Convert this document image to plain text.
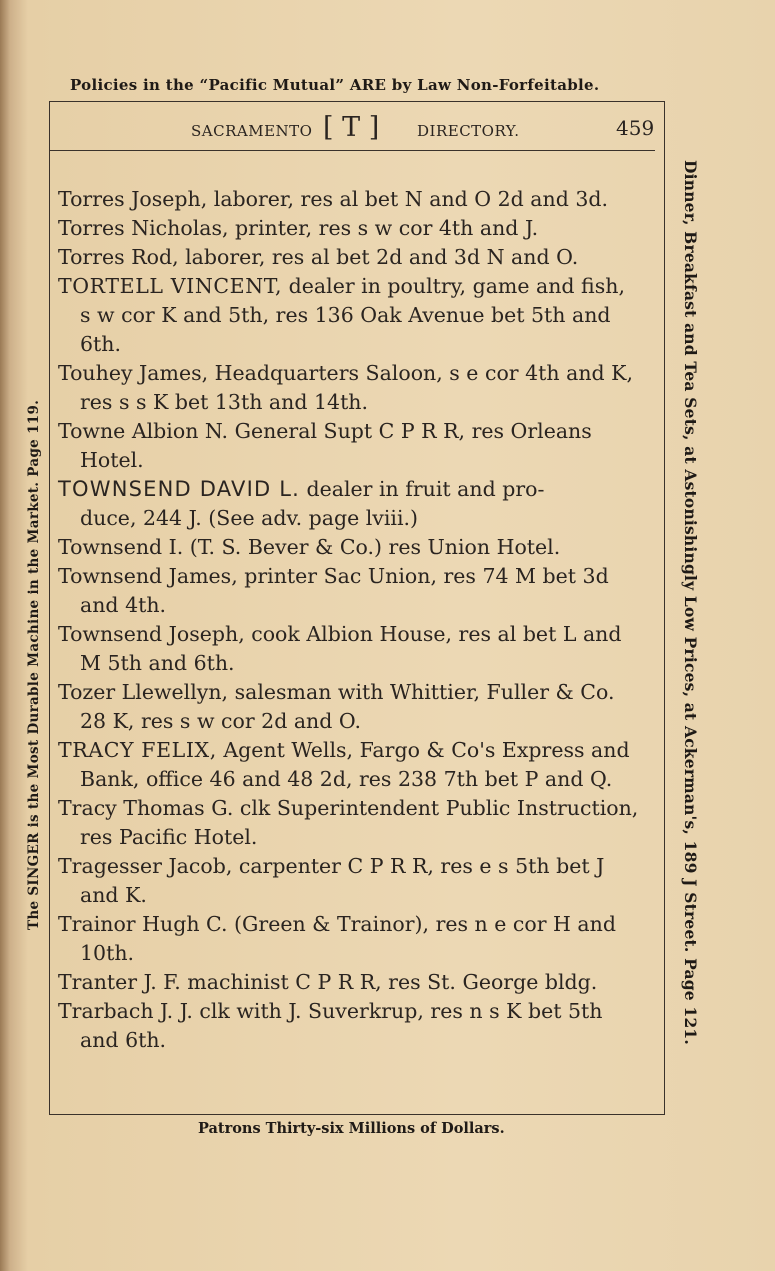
Policies in the “Pacific Mutual” ARE by Law Non-Forfeitable.
SACRAMENTO [ T ]	DIRECTORY.	459
The SINGER is the Most Durable Machine in the Market. Page 119.	Dinner, Breakfast and Tea Sets, at Astonishingly Low Prices, at Ackerman's, 189 J Street. Page 121.
Torres Joseph, laborer, res al bet N and O 2d and 3d.
Torres Nicholas, printer, res s w cor 4th and J.
Torres Rod, laborer, res al bet 2d and 3d N and O.
TORTELL VINCENT, dealer in poultry, game and fish,
s w cor K and 5th, res 136 Oak Avenue bet 5th and
6th.
Touhey James, Headquarters Saloon, s e cor 4th and K,
res s s K bet 13th and 14th.
Towne Albion N. General Supt C P R R, res Orleans
Hotel.
TOWNSEND DAVID L. dealer in fruit and pro-
duce, 244 J. (See adv. page lviii.)
Townsend I. (T. S. Bever & Co.) res Union Hotel.
Townsend James, printer Sac Union, res 74 M bet 3d
and 4th.
Townsend Joseph, cook Albion House, res al bet L and
M 5th and 6th.
Tozer Llewellyn, salesman with Whittier, Fuller & Co.
28 K, res s w cor 2d and O.
TRACY FELIX, Agent Wells, Fargo & Co's Express and
Bank, office 46 and 48 2d, res 238 7th bet P and Q.
Tracy Thomas G. clk Superintendent Public Instruction,
res Pacific Hotel.
Tragesser Jacob, carpenter C P R R, res e s 5th bet J
and K.
Trainor Hugh C. (Green & Trainor), res n e cor H and
10th.
Tranter J. F. machinist C P R R, res St. George bldg.
Trarbach J. J. clk with J. Suverkrup, res n s K bet 5th
and 6th.
Patrons Thirty-six Millions of Dollars.
